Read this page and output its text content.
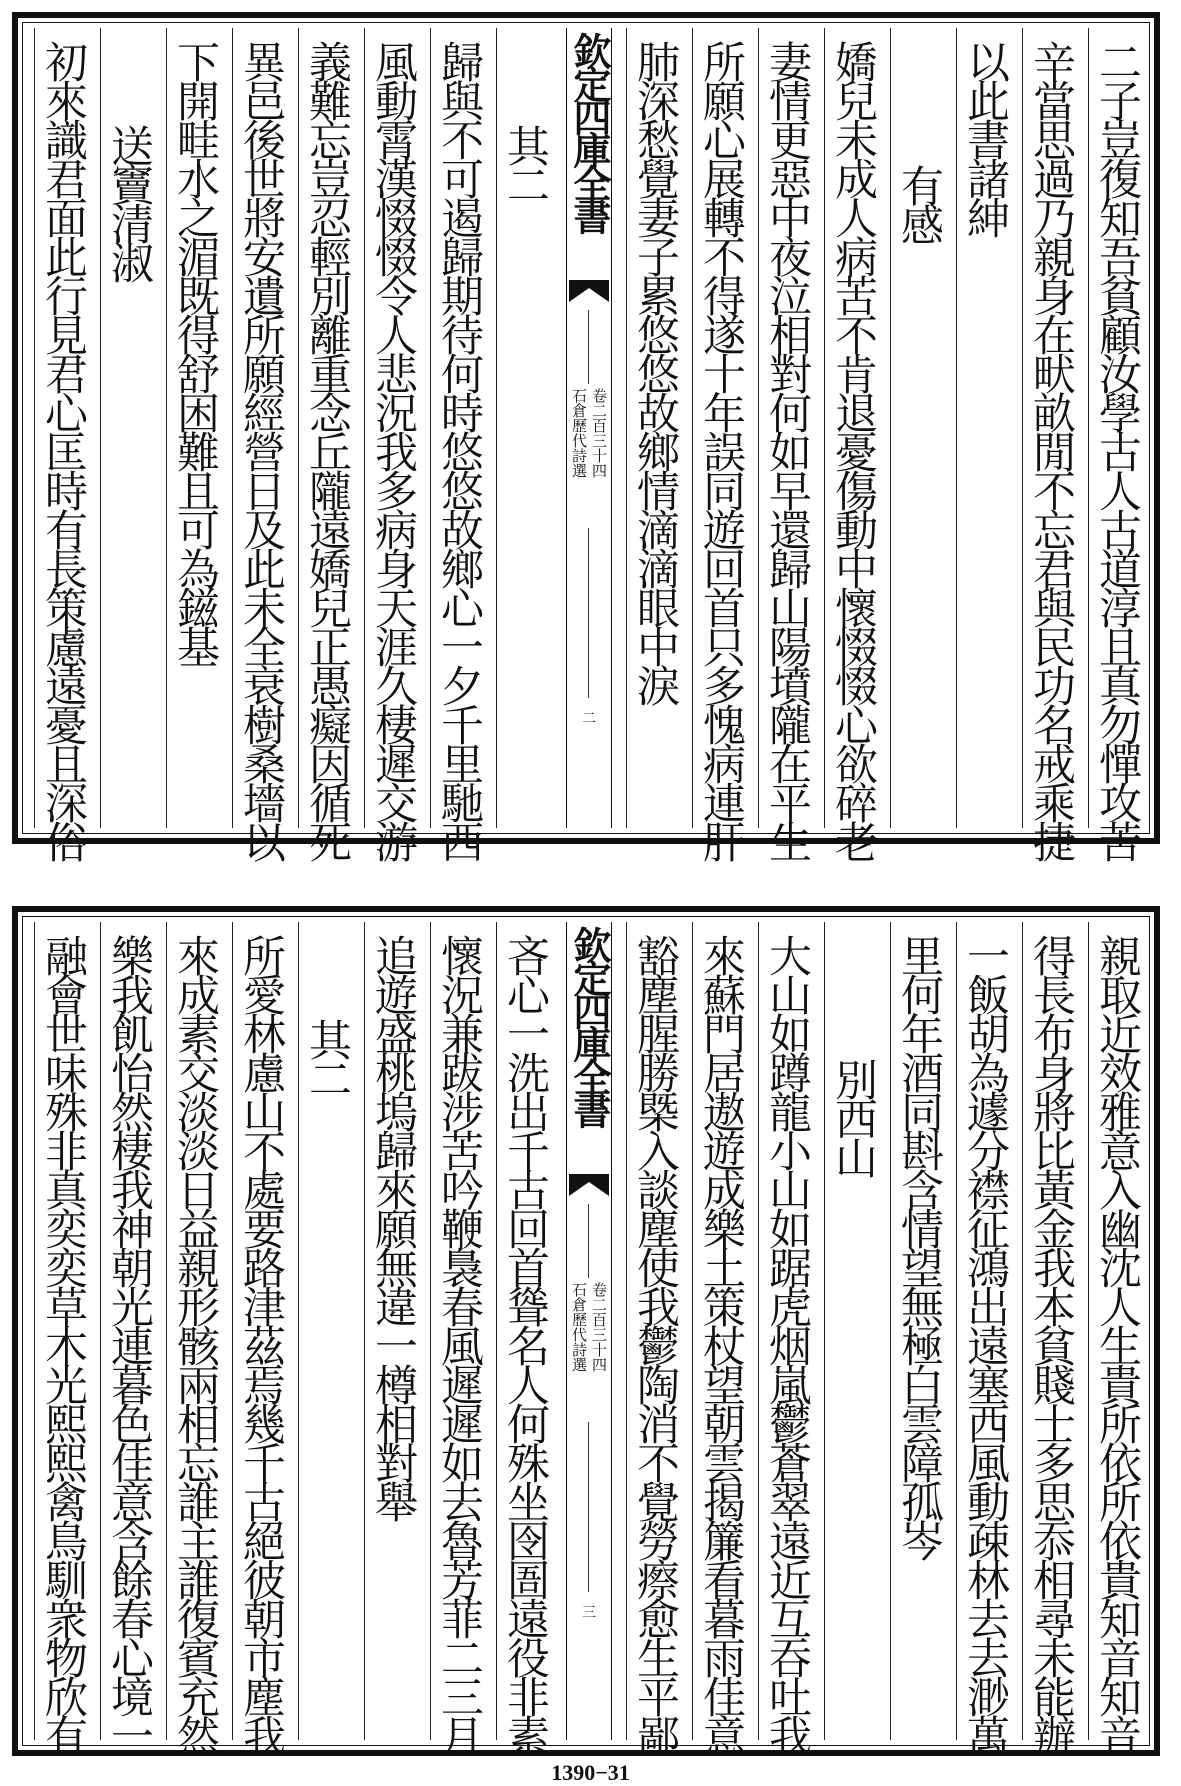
二子豈復知吾貧顧汝學古人古道淳且真勿憚攻苦
辛當思過乃親身在畎畝閒不忘君與民功名戒乘捷
以此書諸紳
有感
嬌兒未成人病苦不肯退憂傷動中懷惙惙心欲碎老
妻情更惡中夜泣相對何如早還歸山陽墳隴在平生
所願心展轉不得遂十年誤同遊回首只多愧病連肝
肺深愁覺妻子累悠悠故鄉情滴滴眼中淚
欽定四庫全書
石倉歷代詩選 卷二百三十四
二
其二
歸與不可遏歸期待何時悠悠故鄉心一夕千里馳西
風動霄漢惙惙令人悲況我多病身天涯久棲遲交游
義難忘豈忍輕別離重念丘隴遠嬌兒正愚癡因循死
異邑後世將安遺所願經營日及此未全衰樹桑墻以
下開畦水之湄既得舒困難且可為鎡基
送竇清淑
初來識君面此行見君心匡時有長策慮遠憂且深俗
親取近效雅意入幽沈人生貴所依所依貴知音知音
得長布身將比黃金我本貧賤士多思忝相尋未能辦
一飯胡為遽分襟征鴻出遠塞西風動疎林去去渺萬
里何年酒同斟含情望無極白雲障孤岑
別西山
大山如蹲龍小山如踞虎烟嵐鬱蒼翠遠近互吞吐我
來蘇門居遨遊成樂土策杖望朝雲揭簾看暮雨佳意
豁塵腥勝槩入談塵使我鬱陶消不覺勞瘵愈生平鄙
欽定四庫全書
石倉歷代詩選 卷二百三十四
三
吝心一洗出千古回首聳名人何殊坐囹圄遠役非素
懷況兼跋涉苦吟鞭裊春風遲遲如去魯芳菲二三月
追遊盛桃塢歸來願無違一樽相對舉
其二
所愛林慮山不處要路津茲焉幾千古絕彼朝市塵我
來成素交淡淡日益親形骸兩相忘誰主誰復賓充然
樂我飢怡然棲我神朝光連暮色佳意含餘春心境一
融會世味殊非真奕奕草木光熙熙禽鳥馴衆物欣有
1390−31
